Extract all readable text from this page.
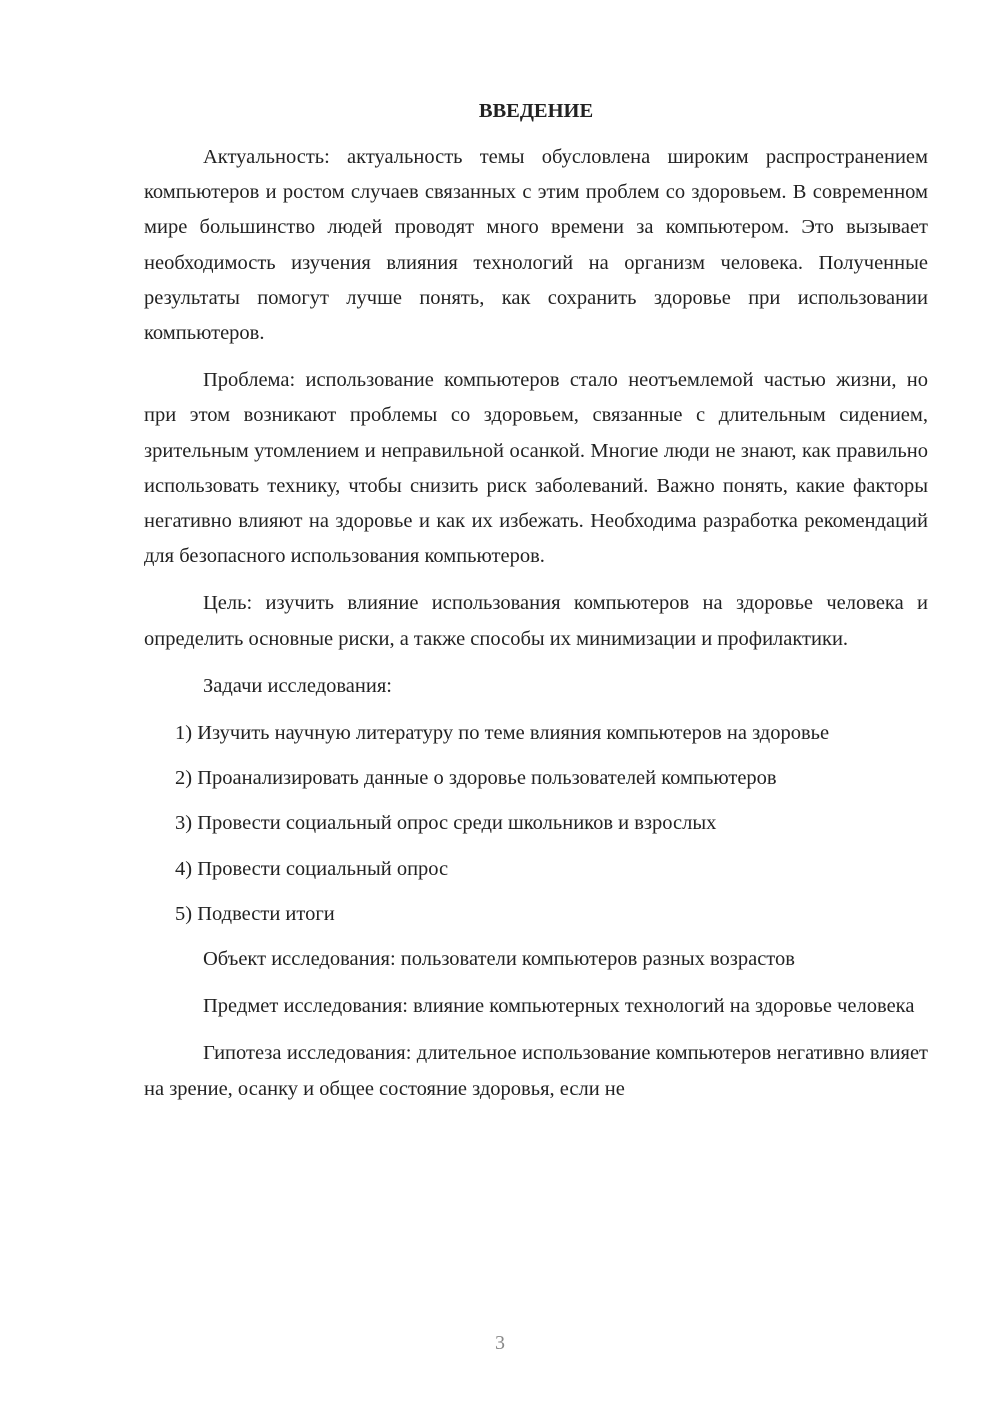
ВВЕДЕНИЕ

Актуальность: актуальность темы обусловлена широким распространением компьютеров и ростом случаев связанных с этим проблем со здоровьем. В современном мире большинство людей проводят много времени за компьютером. Это вызывает необходимость изучения влияния технологий на организм человека. Полученные результаты помогут лучше понять, как сохранить здоровье при использовании компьютеров.

Проблема: использование компьютеров стало неотъемлемой частью жизни, но при этом возникают проблемы со здоровьем, связанные с длительным сидением, зрительным утомлением и неправильной осанкой. Многие люди не знают, как правильно использовать технику, чтобы снизить риск заболеваний. Важно понять, какие факторы негативно влияют на здоровье и как их избежать. Необходима разработка рекомендаций для безопасного использования компьютеров.

Цель: изучить влияние использования компьютеров на здоровье человека и определить основные риски, а также способы их минимизации и профилактики.

Задачи исследования:

1) Изучить научную литературу по теме влияния компьютеров на здоровье

2) Проанализировать данные о здоровье пользователей компьютеров

3) Провести социальный опрос среди школьников и взрослых

4) Провести социальный опрос

5) Подвести итоги

Объект исследования: пользователи компьютеров разных возрастов

Предмет исследования: влияние компьютерных технологий на здоровье человека

Гипотеза исследования: длительное использование компьютеров негативно влияет на зрение, осанку и общее состояние здоровья, если не

3
